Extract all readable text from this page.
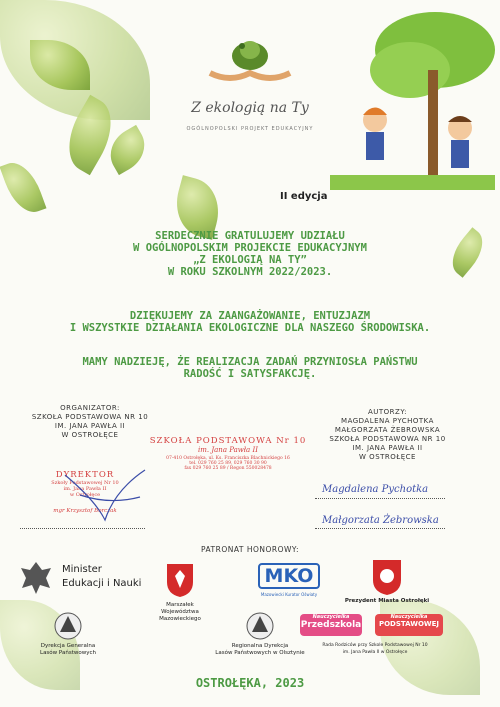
Z ekologią na Ty
OGÓLNOPOLSKI PROJEKT EDUKACYJNY
II edycja
SERDECZNIE GRATULUJEMY UDZIAŁU
W OGÓLNOPOLSKIM PROJEKCIE EDUKACYJNYM
„Z EKOLOGIĄ NA TY”
W ROKU SZKOLNYM 2022/2023.
DZIĘKUJEMY ZA ZAANGAŻOWANIE, ENTUZJAZM
I WSZYSTKIE DZIAŁANIA EKOLOGICZNE DLA NASZEGO ŚRODOWISKA.
MAMY NADZIEJĘ, ŻE REALIZACJA ZADAŃ PRZYNIOSŁA PAŃSTWU
RADOŚĆ I SATYSFAKCJĘ.
ORGANIZATOR:
SZKOŁA PODSTAWOWA NR 10
IM. JANA PAWŁA II
W OSTROŁĘCE
AUTORZY:
MAGDALENA PYCHOTKA
MAŁGORZATA ŻEBROWSKA
SZKOŁA PODSTAWOWA NR 10
IM. JANA PAWŁA II
W OSTROŁĘCE
SZKOŁA PODSTAWOWA Nr 10
im. Jana Pawła II
07-410 Ostrołęka, ul. Ks. Franciszka Blachnickiego 16
tel. 029 760 25 89, 029 760 30 90
fax 029 760 25 89 / Regon 550028478
DYREKTOR
Szkoły Podstawowej Nr 10
im. Jana Pawła II
w Ostrołęce
mgr Krzysztof Borczak
Magdalena Pychotka
Małgorzata Żebrowska
PATRONAT HONOROWY:
Minister
Edukacji i Nauki
Marszałek
Województwa Mazowieckiego
MKO
Mazowiecki Kurator Oświaty
Prezydent Miasta Ostrołęki
Dyrekcja Generalna
Lasów Państwowych
Regionalna Dyrekcja
Lasów Państwowych w Olsztynie
Nauczycielka
Przedszkola
Nauczycielka
PODSTAWOWEJ
Rada Rodziców przy Szkole Podstawowej Nr 10
im. Jana Pawła II w Ostrołęce
OSTROŁĘKA, 2023
